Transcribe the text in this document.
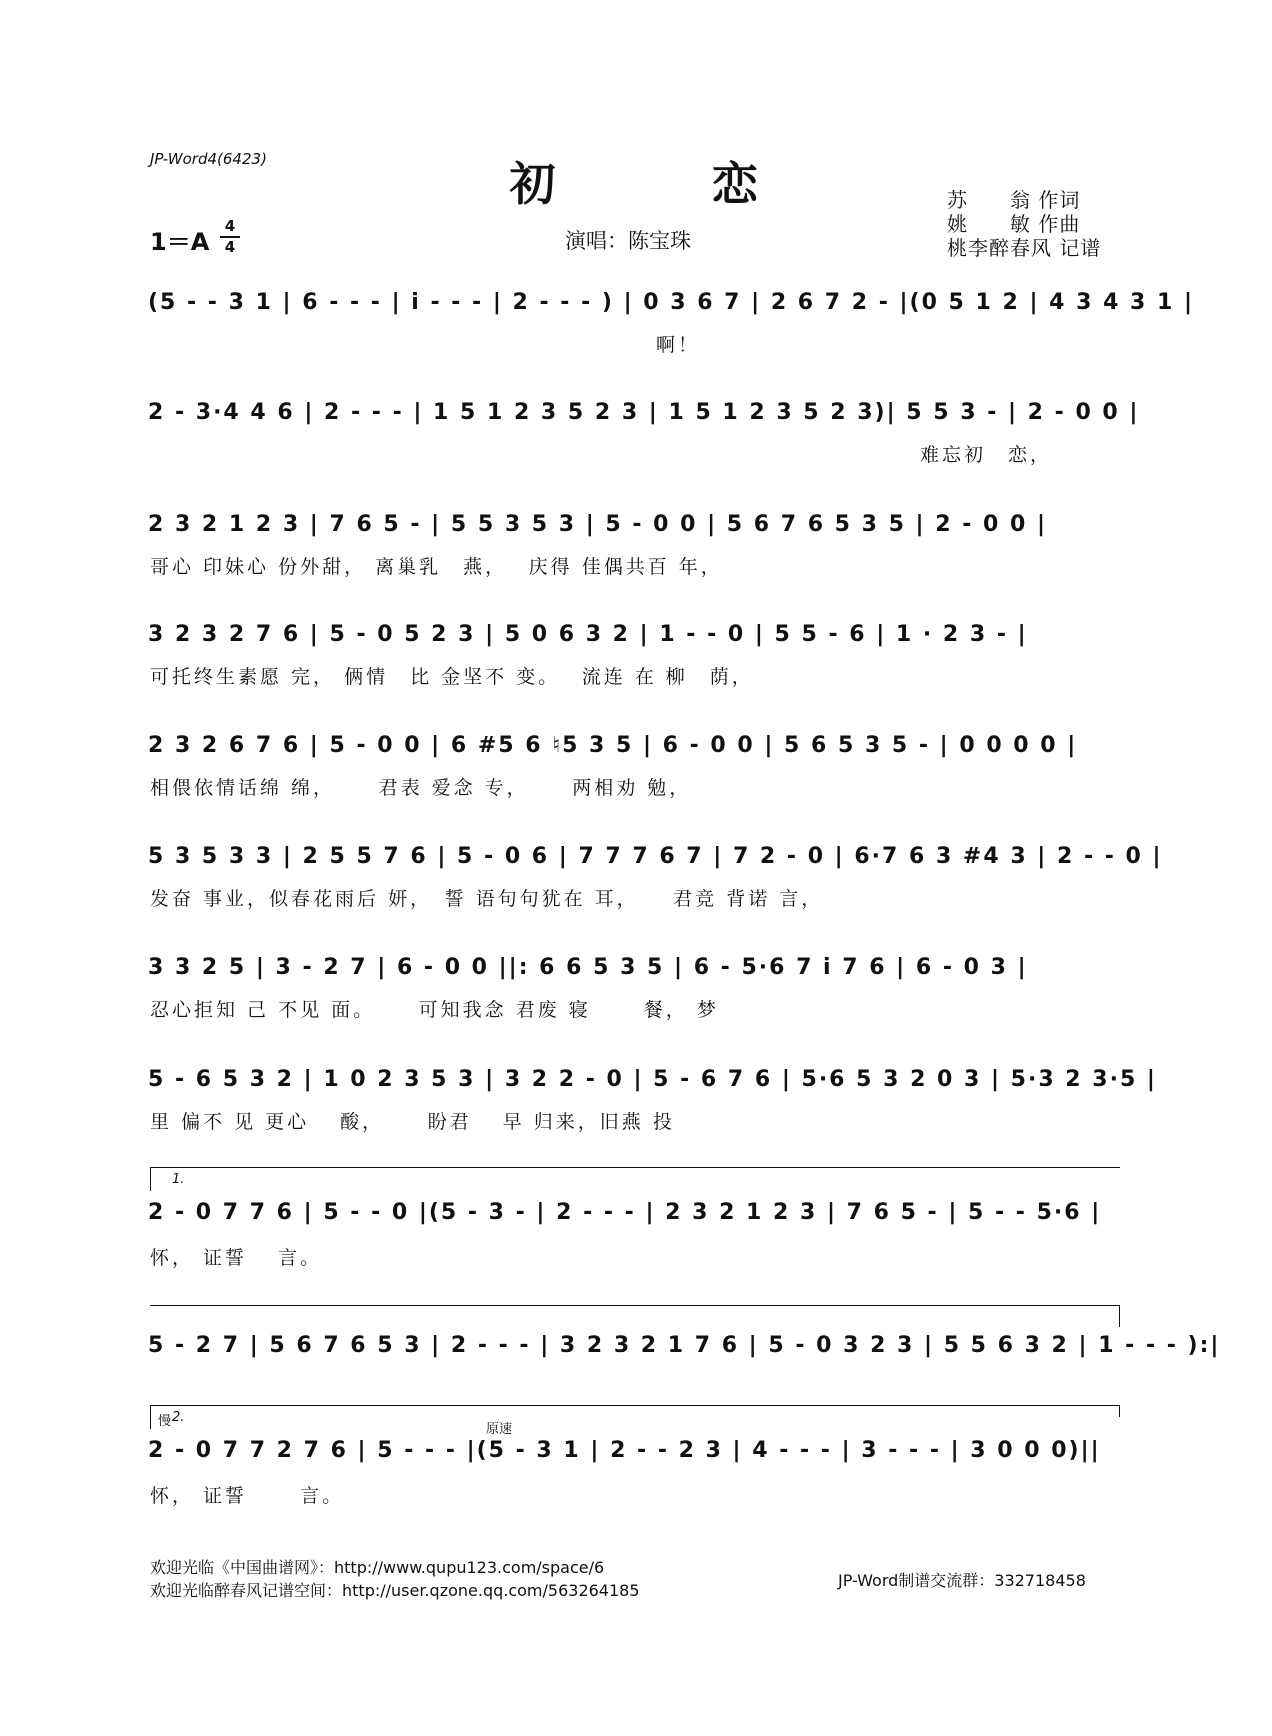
JP-Word4(6423)	初　　　恋	苏　　翁 作词
姚　　敏 作曲
桃李醉春风 记谱
1＝A
4
4	演唱：陈宝珠
(5 - - 3 1 | 6 - - - | i - - - | 2 - - - ) | 0 3 6 7 | 2 6 7 2 - |(0 5 1 2 | 4 3 4 3 1 |
　　　　　　　　　　　　　　　　　　　　　　　啊！
2 - 3·4 4 6 | 2 - - - | 1 5 1 2 3 5 2 3 | 1 5 1 2 3 5 2 3)| 5 5 3 - | 2 - 0 0 |
　　　　　　　　　　　　　　　　　　　　　　　　　　　　　　　　　　　难忘初　恋，
2 3 2 1 2 3 | 7 6 5 - | 5 5 3 5 3 | 5 - 0 0 | 5 6 7 6 5 3 5 | 2 - 0 0 |
哥心 印妹心 份外甜， 离巢乳　燕，　 庆得 佳偶共百 年，
3 2 3 2 7 6 | 5 - 0 5 2 3 | 5 0 6 3 2 | 1 - - 0 | 5 5 - 6 | 1 · 2 3 - |
可托终生素愿 完， 俩情　比 金坚不 变。　 流连 在 柳　荫，
2 3 2 6 7 6 | 5 - 0 0 | 6 #5 6 ♮5 3 5 | 6 - 0 0 | 5 6 5 3 5 - | 0 0 0 0 |
相偎依情话绵 绵，　　 君表 爱念 专，　　 两相劝 勉，
5 3 5 3 3 | 2 5 5 7 6 | 5 - 0 6 | 7 7 7 6 7 | 7 2 - 0 | 6·7 6 3 #4 3 | 2 - - 0 |
发奋 事业，似春花雨后 妍，　誓 语句句犹在 耳，　　君竞 背诺 言，
3 3 2 5 | 3 - 2 7 | 6 - 0 0 ||: 6 6 5 3 5 | 6 - 5·6 7 i 7 6 | 6 - 0 3 |
忍心拒知 己 不见 面。　　 可知我念 君废 寝　　 餐， 梦
5 - 6 5 3 2 | 1 0 2 3 5 3 | 3 2 2 - 0 | 5 - 6 7 6 | 5·6 5 3 2 0 3 | 5·3 2 3·5 |
里 偏不 见 更心　 酸，　　 盼君　 早 归来，旧燕 投
1.
2 - 0 7 7 6 | 5 - - 0 |(5 - 3 - | 2 - - - | 2 3 2 1 2 3 | 7 6 5 - | 5 - - 5·6 |
怀， 证誓　 言。
5 - 2 7 | 5 6 7 6 5 3 | 2 - - - | 3 2 3 2 1 7 6 | 5 - 0 3 2 3 | 5 5 6 3 2 | 1 - - - ):|
慢 2.
原速
2 - 0 7 7 2 7 6 | 5 - - - |(5 - 3 1 | 2 - - 2 3 | 4 - - - | 3 - - - | 3 0 0 0)||
怀， 证誓　　 言。
欢迎光临《中国曲谱网》：http://www.qupu123.com/space/6
欢迎光临醉春风记谱空间：http://user.qzone.qq.com/563264185
JP-Word制谱交流群：332718458
